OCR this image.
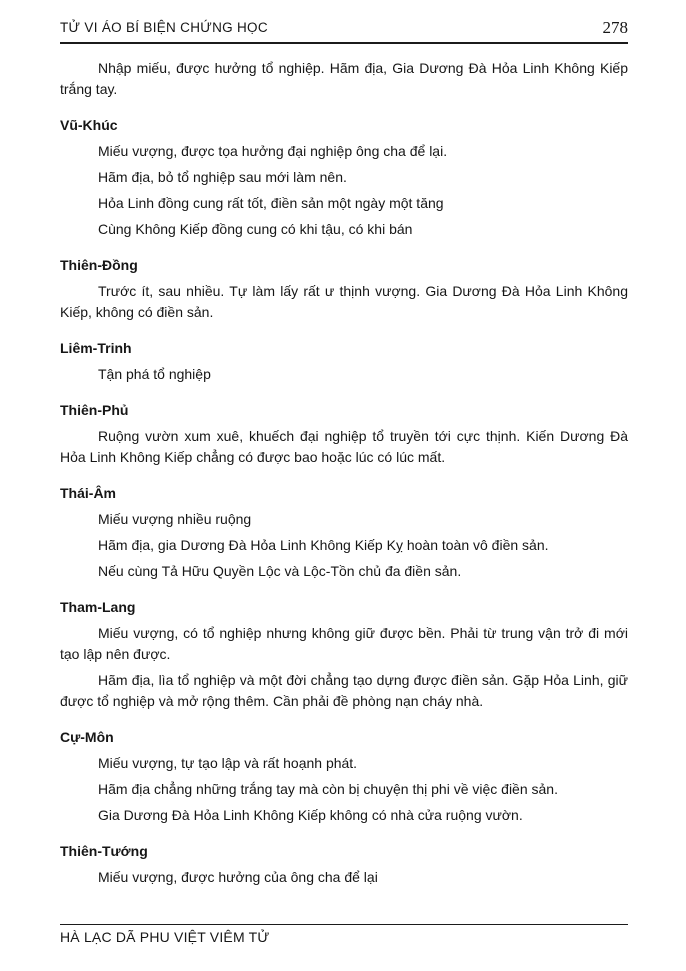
TỬ VI ÁO BÍ BIỆN CHỨNG HỌC	278

Nhập miếu, được hưởng tổ nghiệp. Hãm địa, Gia Dương Đà Hỏa Linh Không Kiếp trắng tay.

Vũ-Khúc

Miếu vượng, được tọa hưởng đại nghiệp ông cha để lại.

Hãm địa, bỏ tổ nghiệp sau mới làm nên.

Hỏa Linh đồng cung rất tốt, điền sản một ngày một tăng

Cùng Không Kiếp đồng cung có khi tậu, có khi bán

Thiên-Đồng

Trước ít, sau nhiều. Tự làm lấy rất ư thịnh vượng. Gia Dương Đà Hỏa Linh Không Kiếp, không có điền sản.

Liêm-Trinh

Tận phá tổ nghiệp

Thiên-Phủ

Ruộng vườn xum xuê, khuếch đại nghiệp tổ truyền tới cực thịnh. Kiến Dương Đà Hỏa Linh Không Kiếp chẳng có được bao hoặc lúc có lúc mất.

Thái-Âm

Miếu vượng nhiều ruộng

Hãm địa, gia Dương Đà Hỏa Linh Không Kiếp Kỵ hoàn toàn vô điền sản.

Nếu cùng Tả Hữu Quyền Lộc và Lộc-Tồn chủ đa điền sản.

Tham-Lang

Miếu vượng, có tổ nghiệp nhưng không giữ được bền. Phải từ trung vận trở đi mới tạo lập nên được.

Hãm địa, lìa tổ nghiệp và một đời chẳng tạo dựng được điền sản. Gặp Hỏa Linh, giữ được tổ nghiệp và mở rộng thêm. Cần phải đề phòng nạn cháy nhà.

Cự-Môn

Miếu vượng, tự tạo lập và rất hoạnh phát.

Hãm địa chẳng những trắng tay mà còn bị chuyện thị phi về việc điền sản.

Gia Dương Đà Hỏa Linh Không Kiếp không có nhà cửa ruộng vườn.

Thiên-Tướng

Miếu vượng, được hưởng của ông cha để lại

HÀ LẠC DÃ PHU VIỆT VIÊM TỬ
